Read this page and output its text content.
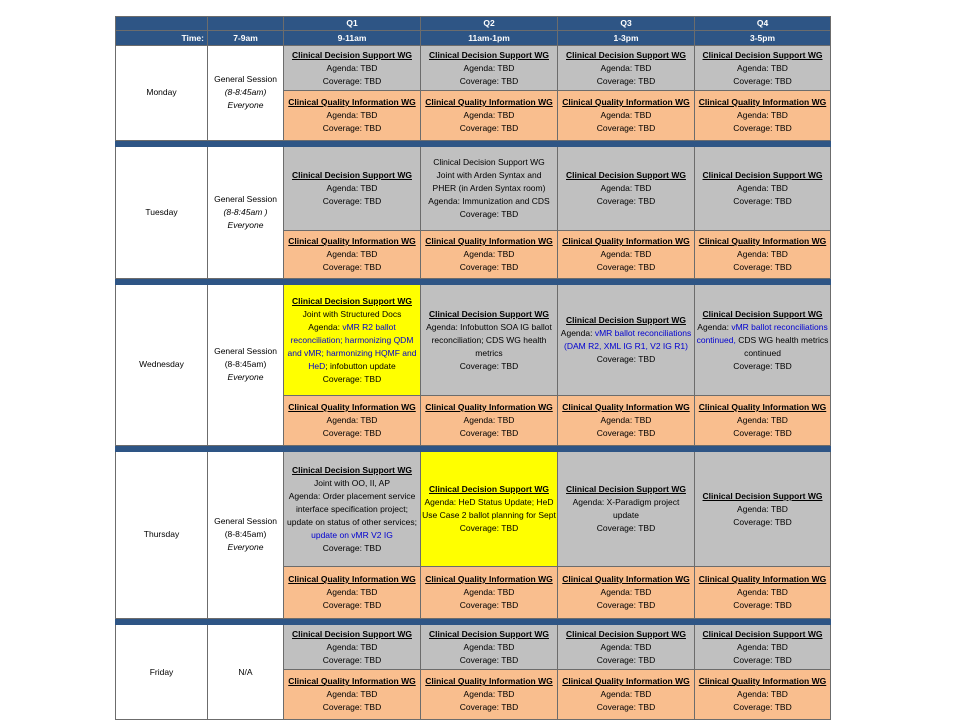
		Q1	Q2	Q3	Q4
Time:	7-9am	9-11am	11am-1pm	1-3pm	3-5pm
Monday	General Session
(8-8:45am)
Everyone	Clinical Decision Support WG
Agenda: TBD
Coverage: TBD	Clinical Decision Support WG
Agenda: TBD
Coverage: TBD	Clinical Decision Support WG
Agenda: TBD
Coverage: TBD	Clinical Decision Support WG
Agenda: TBD
Coverage: TBD

		Clinical Quality Information WG
Agenda: TBD
Coverage: TBD	Clinical Quality Information WG
Agenda: TBD
Coverage: TBD	Clinical Quality Information WG
Agenda: TBD
Coverage: TBD	Clinical Quality Information WG
Agenda: TBD
Coverage: TBD

Tuesday	General Session
(8-8:45am )
Everyone	Clinical Decision Support WG
Agenda: TBD
Coverage: TBD	Clinical Decision Support WG
Joint with Arden Syntax and
PHER (in Arden Syntax room)
Agenda: Immunization and CDS
Coverage: TBD	Clinical Decision Support WG
Agenda: TBD
Coverage: TBD	Clinical Decision Support WG
Agenda: TBD
Coverage: TBD

		Clinical Quality Information WG
Agenda: TBD
Coverage: TBD	Clinical Quality Information WG
Agenda: TBD
Coverage: TBD	Clinical Quality Information WG
Agenda: TBD
Coverage: TBD	Clinical Quality Information WG
Agenda: TBD
Coverage: TBD

Wednesday	General Session
(8-8:45am)
Everyone	Clinical Decision Support WG
Joint with Structured Docs
Agenda: vMR R2 ballot reconciliation; harmonizing QDM and vMR; harmonizing HQMF and HeD; infobutton update
Coverage: TBD	Clinical Decision Support WG
Agenda: Infobutton SOA IG ballot reconciliation; CDS WG health metrics
Coverage: TBD	Clinical Decision Support WG
Agenda: vMR ballot reconciliations (DAM R2, XML IG R1, V2 IG R1)
Coverage: TBD	Clinical Decision Support WG
Agenda: vMR ballot reconciliations continued, CDS WG health metrics continued
Coverage: TBD

		Clinical Quality Information WG
Agenda: TBD
Coverage: TBD	Clinical Quality Information WG
Agenda: TBD
Coverage: TBD	Clinical Quality Information WG
Agenda: TBD
Coverage: TBD	Clinical Quality Information WG
Agenda: TBD
Coverage: TBD

Thursday	General Session
(8-8:45am)
Everyone	Clinical Decision Support WG
Joint with OO, II, AP
Agenda: Order placement service interface specification project; update on status of other services; update on vMR V2 IG
Coverage: TBD	Clinical Decision Support WG
Agenda: HeD Status Update; HeD Use Case 2 ballot planning for Sept
Coverage: TBD	Clinical Decision Support WG
Agenda: X-Paradigm project update
Coverage: TBD	Clinical Decision Support WG
Agenda: TBD
Coverage: TBD

		Clinical Quality Information WG
Agenda: TBD
Coverage: TBD	Clinical Quality Information WG
Agenda: TBD
Coverage: TBD	Clinical Quality Information WG
Agenda: TBD
Coverage: TBD	Clinical Quality Information WG
Agenda: TBD
Coverage: TBD

Friday	N/A	Clinical Decision Support WG
Agenda: TBD
Coverage: TBD	Clinical Decision Support WG
Agenda: TBD
Coverage: TBD	Clinical Decision Support WG
Agenda: TBD
Coverage: TBD	Clinical Decision Support WG
Agenda: TBD
Coverage: TBD

		Clinical Quality Information WG
Agenda: TBD
Coverage: TBD	Clinical Quality Information WG
Agenda: TBD
Coverage: TBD	Clinical Quality Information WG
Agenda: TBD
Coverage: TBD	Clinical Quality Information WG
Agenda: TBD
Coverage: TBD
